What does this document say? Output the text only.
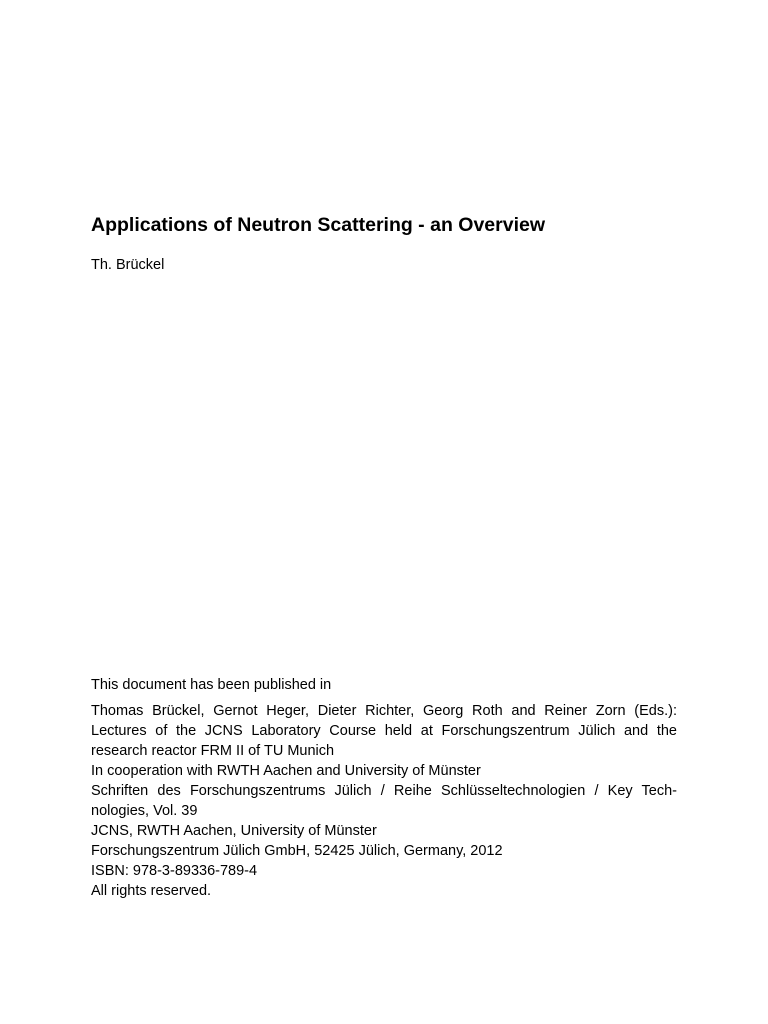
Applications of Neutron Scattering - an Overview

Th. Brückel

This document has been published in

Thomas Brückel, Gernot Heger, Dieter Richter, Georg Roth and Reiner Zorn (Eds.):
Lectures of the JCNS Laboratory Course held at Forschungszentrum Jülich and the
research reactor FRM II of TU Munich
In cooperation with RWTH Aachen and University of Münster
Schriften des Forschungszentrums Jülich / Reihe Schlüsseltechnologien / Key Tech-
nologies, Vol. 39
JCNS, RWTH Aachen, University of Münster
Forschungszentrum Jülich GmbH, 52425 Jülich, Germany, 2012
ISBN: 978-3-89336-789-4
All rights reserved.
